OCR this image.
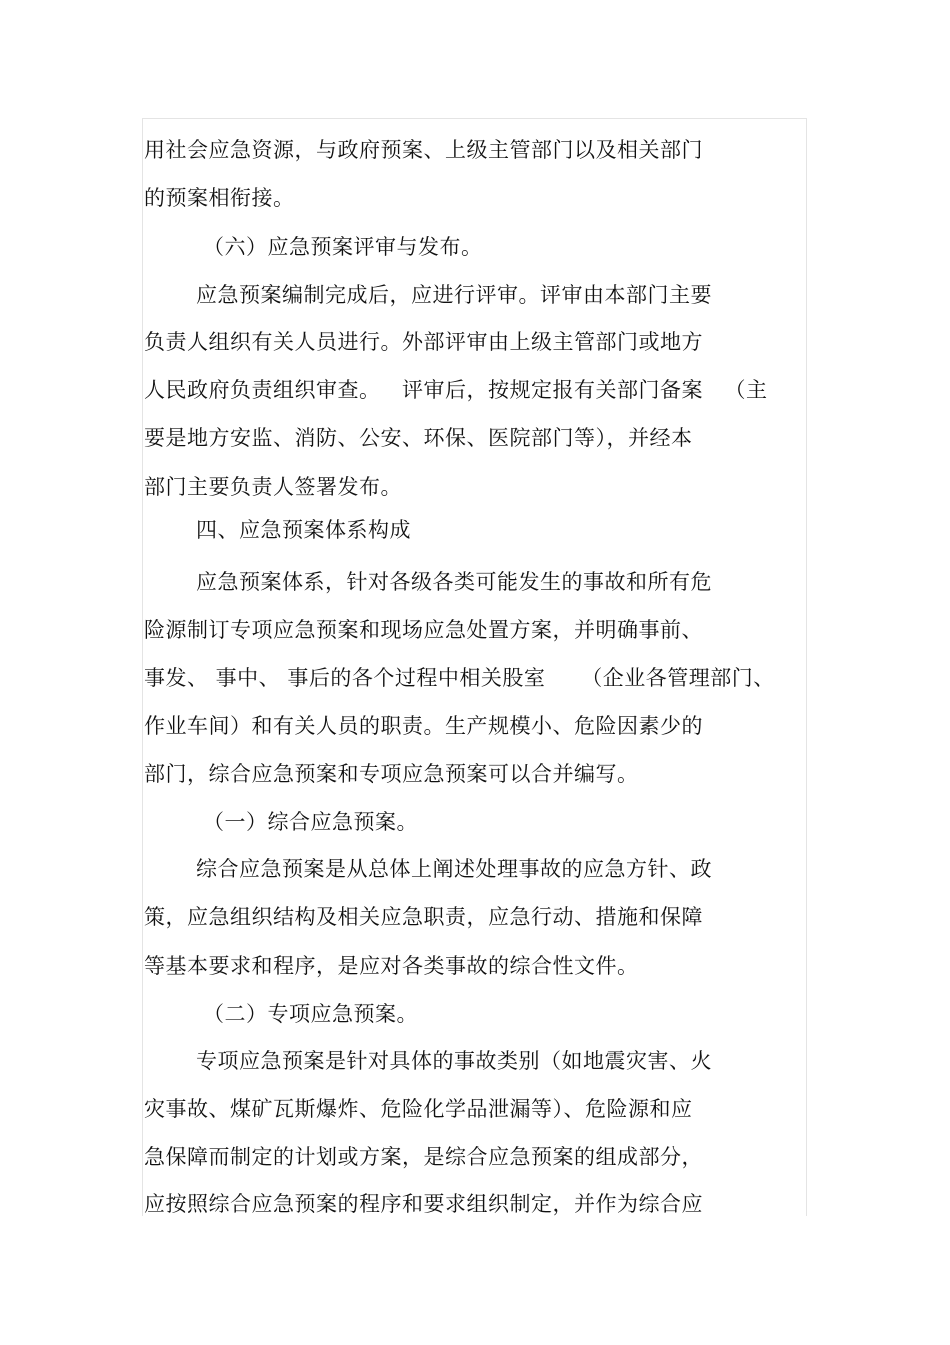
用社会应急资源，与政府预案、上级主管部门以及相关部门
的预案相衔接。
（六）应急预案评审与发布。
应急预案编制完成后，应进行评审。评审由本部门主要
负责人组织有关人员进行。外部评审由上级主管部门或地方
人民政府负责组织审查。   评审后，按规定报有关部门备案   （主
要是地方安监、消防、公安、环保、医院部门等），并经本
部门主要负责人签署发布。
四、应急预案体系构成
应急预案体系，针对各级各类可能发生的事故和所有危
险源制订专项应急预案和现场应急处置方案，并明确事前、
事发、 事中、 事后的各个过程中相关股室     （企业各管理部门、
作业车间）和有关人员的职责。生产规模小、危险因素少的
部门，综合应急预案和专项应急预案可以合并编写。
（一）综合应急预案。
综合应急预案是从总体上阐述处理事故的应急方针、政
策，应急组织结构及相关应急职责，应急行动、措施和保障
等基本要求和程序，是应对各类事故的综合性文件。
（二）专项应急预案。
专项应急预案是针对具体的事故类别（如地震灾害、火
灾事故、煤矿瓦斯爆炸、危险化学品泄漏等）、危险源和应
急保障而制定的计划或方案，是综合应急预案的组成部分，
应按照综合应急预案的程序和要求组织制定，并作为综合应
